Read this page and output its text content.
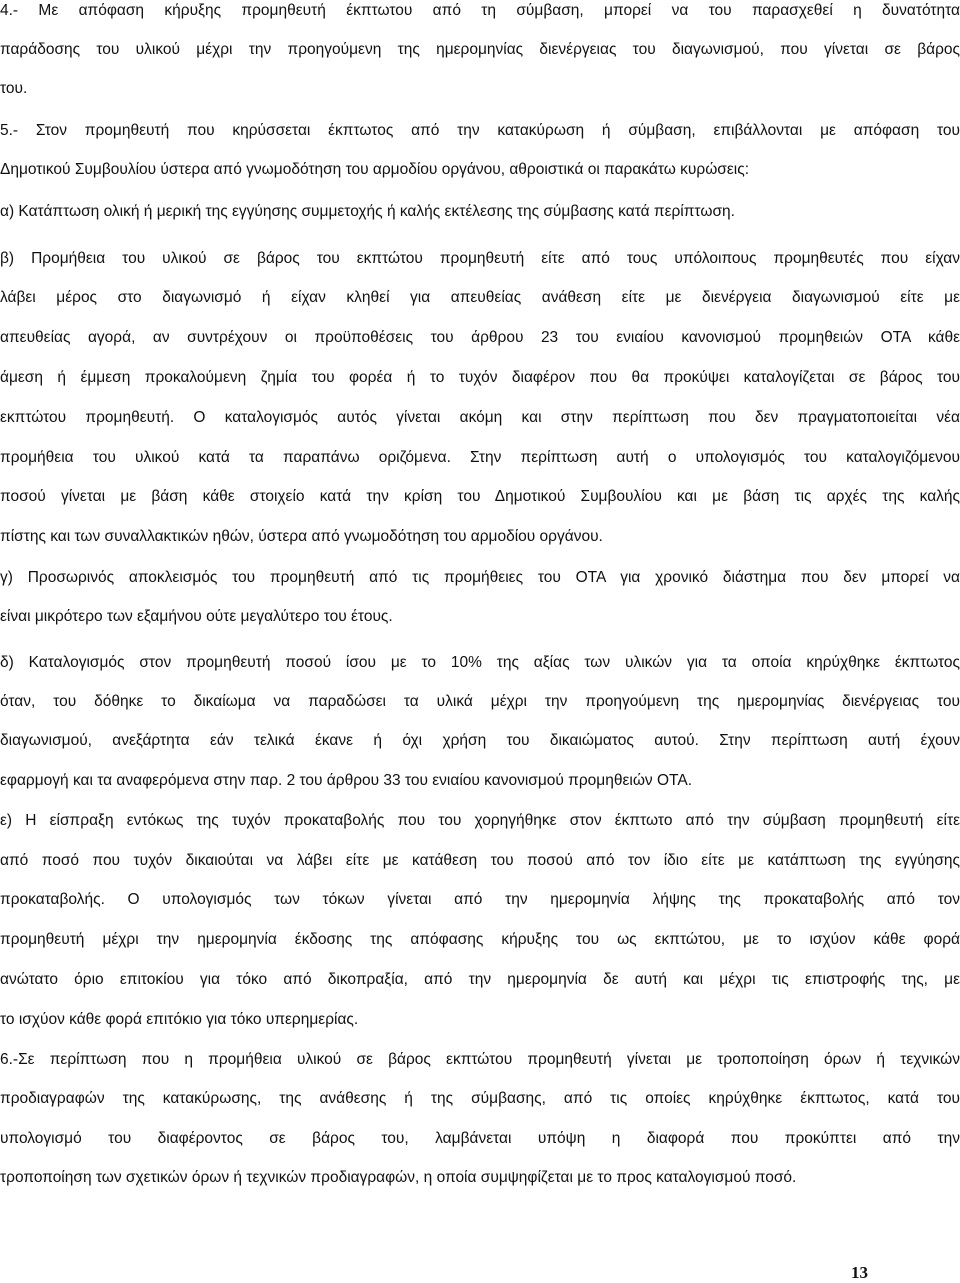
4.- Με απόφαση κήρυξης προμηθευτή έκπτωτου από τη σύμβαση, μπορεί να του παρασχεθεί η δυνατότητα
παράδοσης του υλικού μέχρι την προηγούμενη της ημερομηνίας διενέργειας του διαγωνισμού, που γίνεται σε βάρος
του.
5.- Στον προμηθευτή που κηρύσσεται έκπτωτος από την κατακύρωση ή σύμβαση, επιβάλλονται με απόφαση του
Δημοτικού Συμβουλίου ύστερα από γνωμοδότηση του αρμοδίου οργάνου, αθροιστικά οι παρακάτω κυρώσεις:
α) Κατάπτωση ολική ή μερική της εγγύησης συμμετοχής ή καλής εκτέλεσης της σύμβασης κατά περίπτωση.
β) Προμήθεια του υλικού σε βάρος του εκπτώτου προμηθευτή είτε από τους υπόλοιπους προμηθευτές που είχαν
λάβει μέρος στο διαγωνισμό ή είχαν κληθεί για απευθείας ανάθεση είτε με διενέργεια διαγωνισμού είτε με
απευθείας αγορά, αν συντρέχουν οι προϋποθέσεις του άρθρου 23 του ενιαίου κανονισμού προμηθειών ΟΤΑ κάθε
άμεση ή έμμεση προκαλούμενη ζημία του φορέα ή το τυχόν διαφέρον που θα προκύψει καταλογίζεται σε βάρος του
εκπτώτου προμηθευτή. Ο καταλογισμός αυτός γίνεται ακόμη και στην περίπτωση που δεν πραγματοποιείται νέα
προμήθεια του υλικού κατά τα παραπάνω οριζόμενα. Στην περίπτωση αυτή ο υπολογισμός του καταλογιζόμενου
ποσού γίνεται με βάση κάθε στοιχείο κατά την κρίση του Δημοτικού Συμβουλίου και με βάση τις αρχές της καλής
πίστης και των συναλλακτικών ηθών, ύστερα από γνωμοδότηση του αρμοδίου οργάνου.
γ) Προσωρινός αποκλεισμός του προμηθευτή από τις προμήθειες του ΟΤΑ για χρονικό διάστημα που δεν μπορεί να
είναι μικρότερο των εξαμήνου ούτε μεγαλύτερο του έτους.
δ) Καταλογισμός στον προμηθευτή ποσού ίσου με το 10% της αξίας των υλικών για τα οποία κηρύχθηκε έκπτωτος
όταν, του δόθηκε το δικαίωμα να παραδώσει τα υλικά μέχρι την προηγούμενη της ημερομηνίας διενέργειας του
διαγωνισμού, ανεξάρτητα εάν τελικά έκανε ή όχι χρήση του δικαιώματος αυτού. Στην περίπτωση αυτή έχουν
εφαρμογή και τα αναφερόμενα στην παρ. 2 του άρθρου 33 του ενιαίου κανονισμού προμηθειών ΟΤΑ.
ε) Η είσπραξη εντόκως της τυχόν προκαταβολής που του χορηγήθηκε στον έκπτωτο από την σύμβαση προμηθευτή είτε
από ποσό που τυχόν δικαιούται να λάβει είτε με κατάθεση του ποσού από τον ίδιο είτε με κατάπτωση της εγγύησης
προκαταβολής. Ο υπολογισμός των τόκων γίνεται από την ημερομηνία λήψης της προκαταβολής από τον
προμηθευτή μέχρι την ημερομηνία έκδοσης της απόφασης κήρυξης του ως εκπτώτου, με το ισχύον κάθε φορά
ανώτατο όριο επιτοκίου για τόκο από δικοπραξία, από την ημερομηνία δε αυτή και μέχρι τις επιστροφής της, με
το ισχύον κάθε φορά επιτόκιο για τόκο υπερημερίας.
6.-Σε περίπτωση που η προμήθεια υλικού σε βάρος εκπτώτου προμηθευτή γίνεται με τροποποίηση όρων ή τεχνικών
προδιαγραφών της κατακύρωσης, της ανάθεσης ή της σύμβασης, από τις οποίες κηρύχθηκε έκπτωτος, κατά του
υπολογισμό του διαφέροντος σε βάρος του, λαμβάνεται υπόψη η διαφορά που προκύπτει από την
τροποποίηση των σχετικών όρων ή τεχνικών προδιαγραφών, η οποία συμψηφίζεται με το προς καταλογισμού ποσό.
13
